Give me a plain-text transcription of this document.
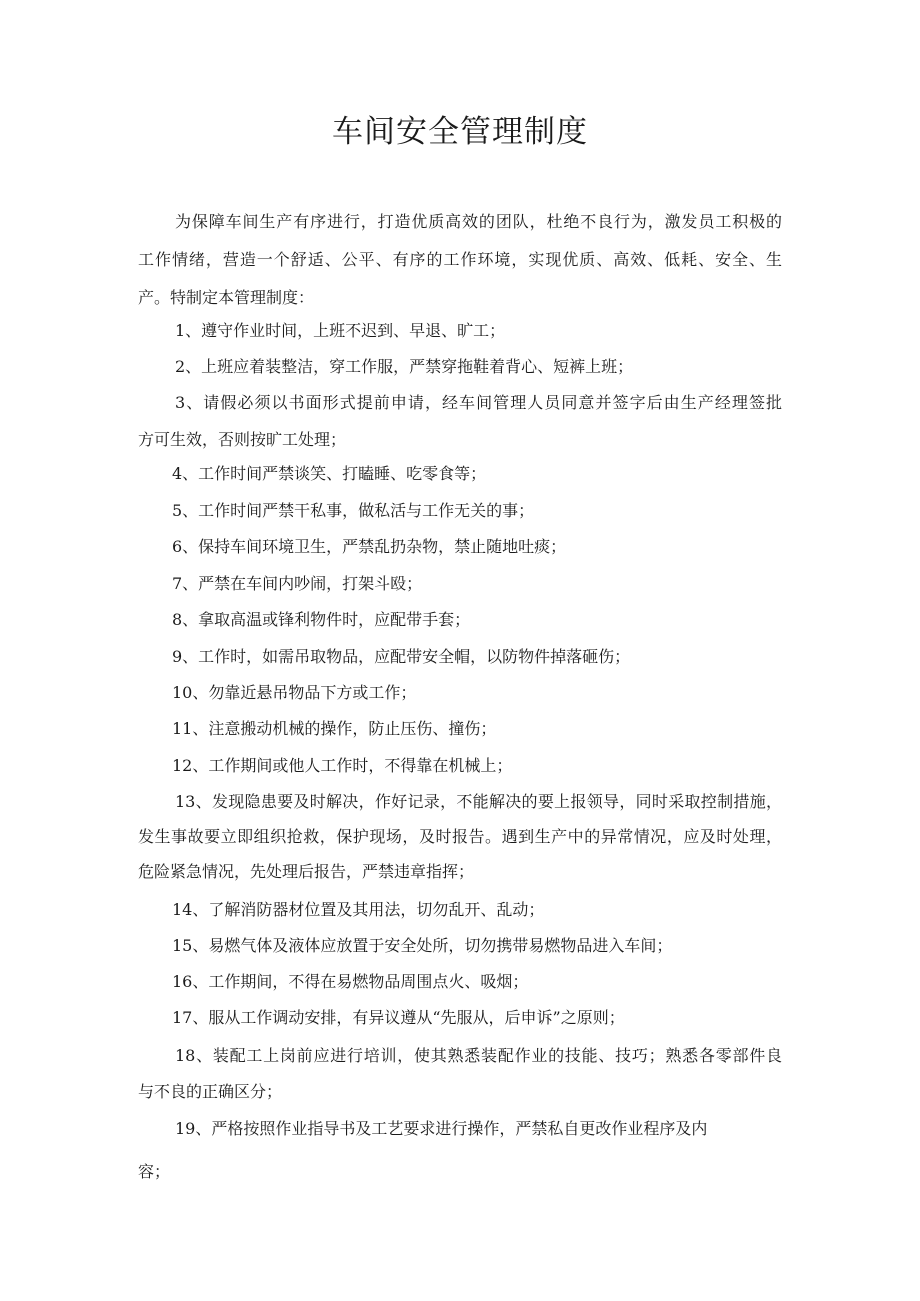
车间安全管理制度
为保障车间生产有序进行，打造优质高效的团队，杜绝不良行为，激发员工积极的
工作情绪，营造一个舒适、公平、有序的工作环境，实现优质、高效、低耗、安全、生
产。特制定本管理制度：
1、遵守作业时间，上班不迟到、早退、旷工；
2、上班应着装整洁，穿工作服，严禁穿拖鞋着背心、短裤上班；
3、请假必须以书面形式提前申请，经车间管理人员同意并签字后由生产经理签批
方可生效，否则按旷工处理；
4、工作时间严禁谈笑、打瞌睡、吃零食等；
5、工作时间严禁干私事，做私活与工作无关的事；
6、保持车间环境卫生，严禁乱扔杂物，禁止随地吐痰；
7、严禁在车间内吵闹，打架斗殴；
8、拿取高温或锋利物件时，应配带手套；
9、工作时，如需吊取物品，应配带安全帽，以防物件掉落砸伤；
10、勿靠近悬吊物品下方或工作；
11、注意搬动机械的操作，防止压伤、撞伤；
12、工作期间或他人工作时，不得靠在机械上；
13、发现隐患要及时解决，作好记录，不能解决的要上报领导，同时采取控制措施，
发生事故要立即组织抢救，保护现场，及时报告。遇到生产中的异常情况，应及时处理，
危险紧急情况，先处理后报告，严禁违章指挥；
14、了解消防器材位置及其用法，切勿乱开、乱动；
15、易燃气体及液体应放置于安全处所，切勿携带易燃物品进入车间；
16、工作期间，不得在易燃物品周围点火、吸烟；
17、服从工作调动安排，有异议遵从“先服从，后申诉”之原则；
18、装配工上岗前应进行培训，使其熟悉装配作业的技能、技巧；熟悉各零部件良
与不良的正确区分；
19、严格按照作业指导书及工艺要求进行操作，严禁私自更改作业程序及内
容；
